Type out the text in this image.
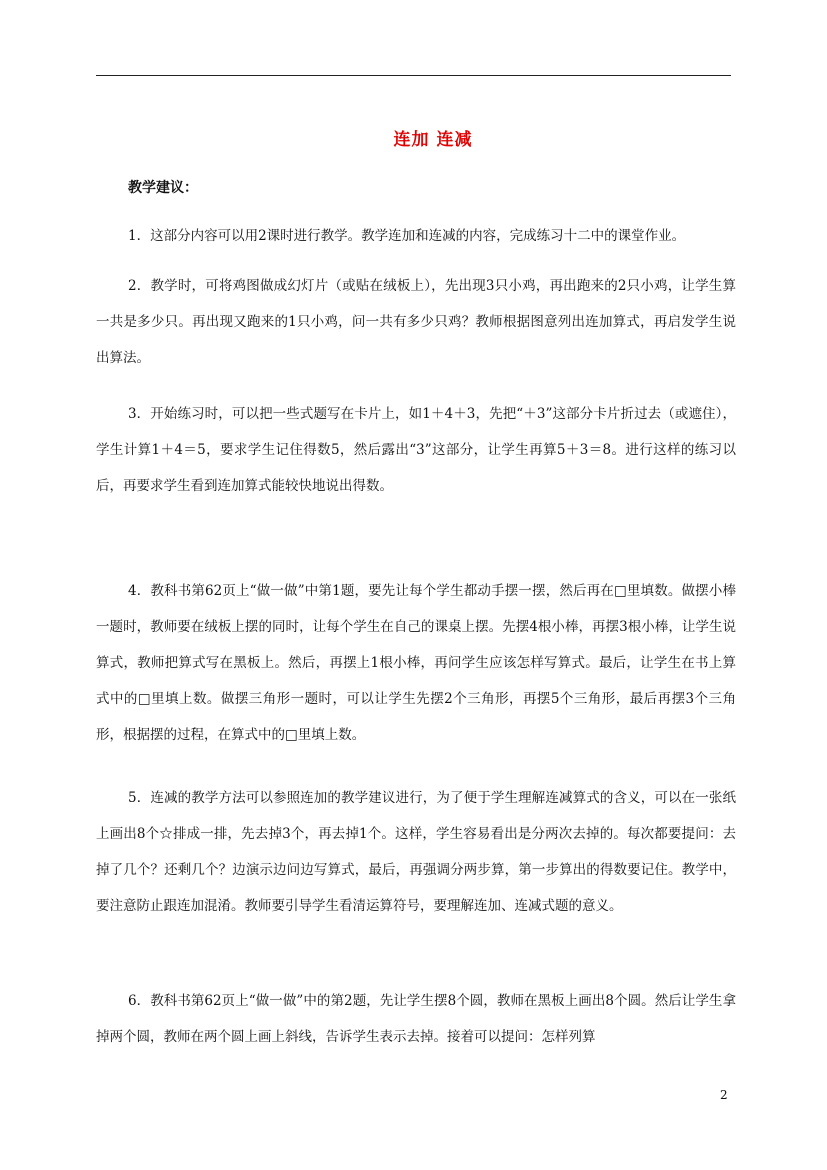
连加 连减
教学建议：

1．这部分内容可以用2课时进行教学。教学连加和连减的内容，完成练习十二中的课堂作业。

2．教学时，可将鸡图做成幻灯片（或贴在绒板上），先出现3只小鸡，再出跑来的2只小鸡，让学生算一共是多少只。再出现又跑来的1只小鸡，问一共有多少只鸡？教师根据图意列出连加算式，再启发学生说出算法。

3．开始练习时，可以把一些式题写在卡片上，如1＋4＋3，先把“＋3”这部分卡片折过去（或遮住），学生计算1＋4＝5，要求学生记住得数5，然后露出“3”这部分，让学生再算5＋3＝8。进行这样的练习以后，再要求学生看到连加算式能较快地说出得数。

4．教科书第62页上“做一做”中第1题，要先让每个学生都动手摆一摆，然后再在□里填数。做摆小棒一题时，教师要在绒板上摆的同时，让每个学生在自己的课桌上摆。先摆4根小棒，再摆3根小棒，让学生说算式，教师把算式写在黑板上。然后，再摆上1根小棒，再问学生应该怎样写算式。最后，让学生在书上算式中的□里填上数。做摆三角形一题时，可以让学生先摆2个三角形，再摆5个三角形，最后再摆3个三角形，根据摆的过程，在算式中的□里填上数。

5．连减的教学方法可以参照连加的教学建议进行，为了便于学生理解连减算式的含义，可以在一张纸上画出8个☆排成一排，先去掉3个，再去掉1个。这样，学生容易看出是分两次去掉的。每次都要提问：去掉了几个？还剩几个？边演示边问边写算式，最后，再强调分两步算，第一步算出的得数要记住。教学中，要注意防止跟连加混淆。教师要引导学生看清运算符号，要理解连加、连减式题的意义。

6．教科书第62页上“做一做”中的第2题，先让学生摆8个圆，教师在黑板上画出8个圆。然后让学生拿掉两个圆，教师在两个圆上画上斜线，告诉学生表示去掉。接着可以提问：怎样列算

2
